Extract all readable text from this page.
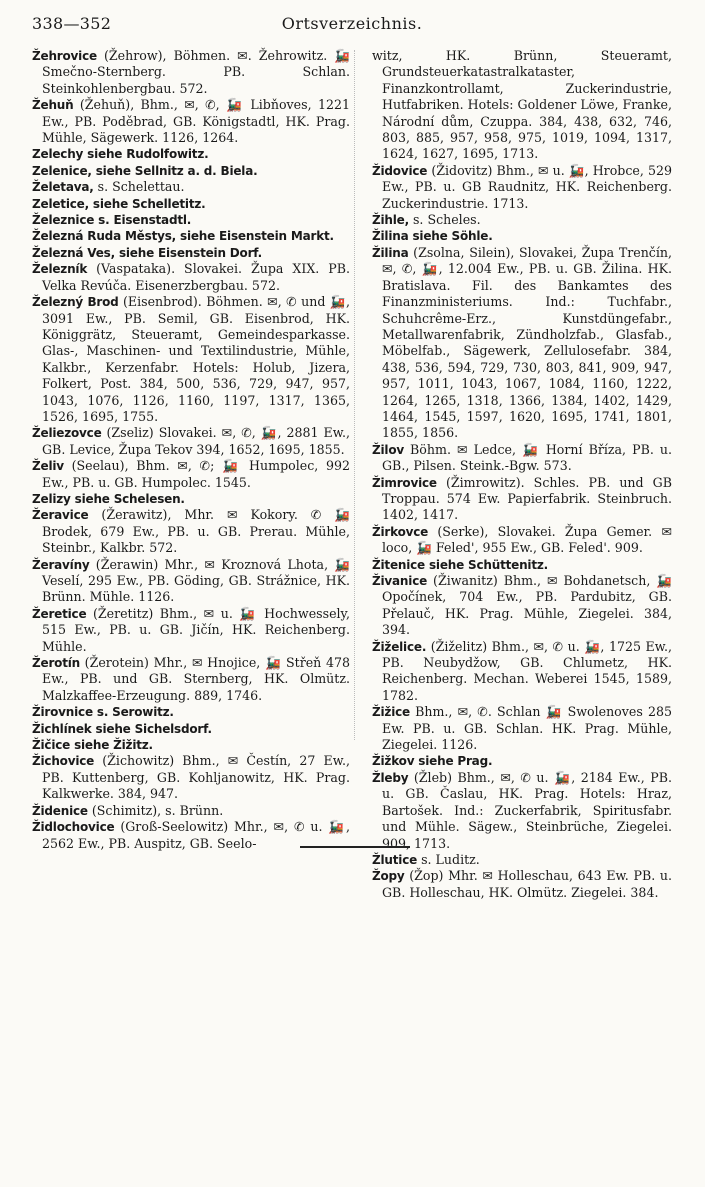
338—352	Ortsverzeichnis.
Žehrovice (Žehrow), Böhmen. ✉. Žehrowitz. 🚂 Smečno-Sternberg. PB. Schlan. Steinkohlenbergbau. 572.
Žehuň (Žehuň), Bhm., ✉, ✆, 🚂 Libňoves, 1221 Ew., PB. Poděbrad, GB. Königstadtl, HK. Prag. Mühle, Sägewerk. 1126, 1264.
Zelechy siehe Rudolfowitz.
Zelenice, siehe Sellnitz a. d. Biela.
Želetava, s. Schelettau.
Zeletice, siehe Schelletitz.
Železnice s. Eisenstadtl.
Železná Ruda Městys, siehe Eisenstein Markt.
Železná Ves, siehe Eisenstein Dorf.
Železník (Vaspataka). Slovakei. Župa XIX. PB. Velka Revúča. Eisenerzbergbau. 572.
Železný Brod (Eisenbrod). Böhmen. ✉, ✆ und 🚂, 3091 Ew., PB. Semil, GB. Eisenbrod, HK. Königgrätz, Steueramt, Gemeindesparkasse. Glas-, Maschinen- und Textilindustrie, Mühle, Kalkbr., Kerzenfabr. Hotels: Holub, Jizera, Folkert, Post. 384, 500, 536, 729, 947, 957, 1043, 1076, 1126, 1160, 1197, 1317, 1365, 1526, 1695, 1755.
Želiezovce (Zseliz) Slovakei. ✉, ✆, 🚂, 2881 Ew., GB. Levice, Župa Tekov 394, 1652, 1695, 1855.
Želiv (Seelau), Bhm. ✉, ✆; 🚂 Humpolec, 992 Ew., PB. u. GB. Humpolec. 1545.
Zelizy siehe Schelesen.
Žeravice (Žerawitz), Mhr. ✉ Kokory. ✆ 🚂 Brodek, 679 Ew., PB. u. GB. Prerau. Mühle, Steinbr., Kalkbr. 572.
Žeravíny (Žerawin) Mhr., ✉ Kroznová Lhota, 🚂 Veselí, 295 Ew., PB. Göding, GB. Strážnice, HK. Brünn. Mühle. 1126.
Žeretice (Žeretitz) Bhm., ✉ u. 🚂 Hochwessely, 515 Ew., PB. u. GB. Jičín, HK. Reichenberg. Mühle.
Žerotín (Žerotein) Mhr., ✉ Hnojice, 🚂 Střeň 478 Ew., PB. und GB. Sternberg, HK. Olmütz. Malzkaffee-Erzeugung. 889, 1746.
Žirovnice s. Serowitz.
Žichlínek siehe Sichelsdorf.
Žičice siehe Žižitz.
Žichovice (Žichowitz) Bhm., ✉ Čestín, 27 Ew., PB. Kuttenberg, GB. Kohljanowitz, HK. Prag. Kalkwerke. 384, 947.
Židenice (Schimitz), s. Brünn.
Židlochovice (Groß-Seelowitz) Mhr., ✉, ✆ u. 🚂, 2562 Ew., PB. Auspitz, GB. Seelo-
witz, HK. Brünn, Steueramt, Grundsteuerkatastralkataster, Finanzkontrollamt, Zuckerindustrie, Hutfabriken. Hotels: Goldener Löwe, Franke, Národní dům, Czuppa. 384, 438, 632, 746, 803, 885, 957, 958, 975, 1019, 1094, 1317, 1624, 1627, 1695, 1713.
Židovice (Židovitz) Bhm., ✉ u. 🚂, Hrobce, 529 Ew., PB. u. GB Raudnitz, HK. Reichenberg. Zuckerindustrie. 1713.
Žihle, s. Scheles.
Žilina siehe Söhle.
Žilina (Zsolna, Silein), Slovakei, Župa Trenčín, ✉, ✆, 🚂, 12.004 Ew., PB. u. GB. Žilina. HK. Bratislava. Fil. des Bankamtes des Finanzministeriums. Ind.: Tuchfabr., Schuhcrême-Erz., Kunstdüngefabr., Metallwarenfabrik, Zündholzfab., Glasfab., Möbelfab., Sägewerk, Zellulosefabr. 384, 438, 536, 594, 729, 730, 803, 841, 909, 947, 957, 1011, 1043, 1067, 1084, 1160, 1222, 1264, 1265, 1318, 1366, 1384, 1402, 1429, 1464, 1545, 1597, 1620, 1695, 1741, 1801, 1855, 1856.
Žilov Böhm. ✉ Ledce, 🚂 Horní Bříza, PB. u. GB., Pilsen. Steink.-Bgw. 573.
Žimrovice (Žimrowitz). Schles. PB. und GB Troppau. 574 Ew. Papierfabrik. Steinbruch. 1402, 1417.
Žirkovce (Serke), Slovakei. Župa Gemer. ✉ loco, 🚂 Feled', 955 Ew., GB. Feled'. 909.
Žitenice siehe Schüttenitz.
Živanice (Žiwanitz) Bhm., ✉ Bohdanetsch, 🚂 Opočínek, 704 Ew., PB. Pardubitz, GB. Přelauč, HK. Prag. Mühle, Ziegelei. 384, 394.
Žiželice. (Žiželitz) Bhm., ✉, ✆ u. 🚂, 1725 Ew., PB. Neubydžow, GB. Chlumetz, HK. Reichenberg. Mechan. Weberei 1545, 1589, 1782.
Žižice Bhm., ✉, ✆. Schlan 🚂 Swolenoves 285 Ew. PB. u. GB. Schlan. HK. Prag. Mühle, Ziegelei. 1126.
Žižkov siehe Prag.
Žleby (Žleb) Bhm., ✉, ✆ u. 🚂, 2184 Ew., PB. u. GB. Časlau, HK. Prag. Hotels: Hraz, Bartošek. Ind.: Zuckerfabrik, Spiritusfabr. und Mühle. Sägew., Steinbrüche, Ziegelei. 909, 1713.
Žlutice s. Luditz.
Žopy (Žop) Mhr. ✉ Holleschau, 643 Ew. PB. u. GB. Holleschau, HK. Olmütz. Ziegelei. 384.
